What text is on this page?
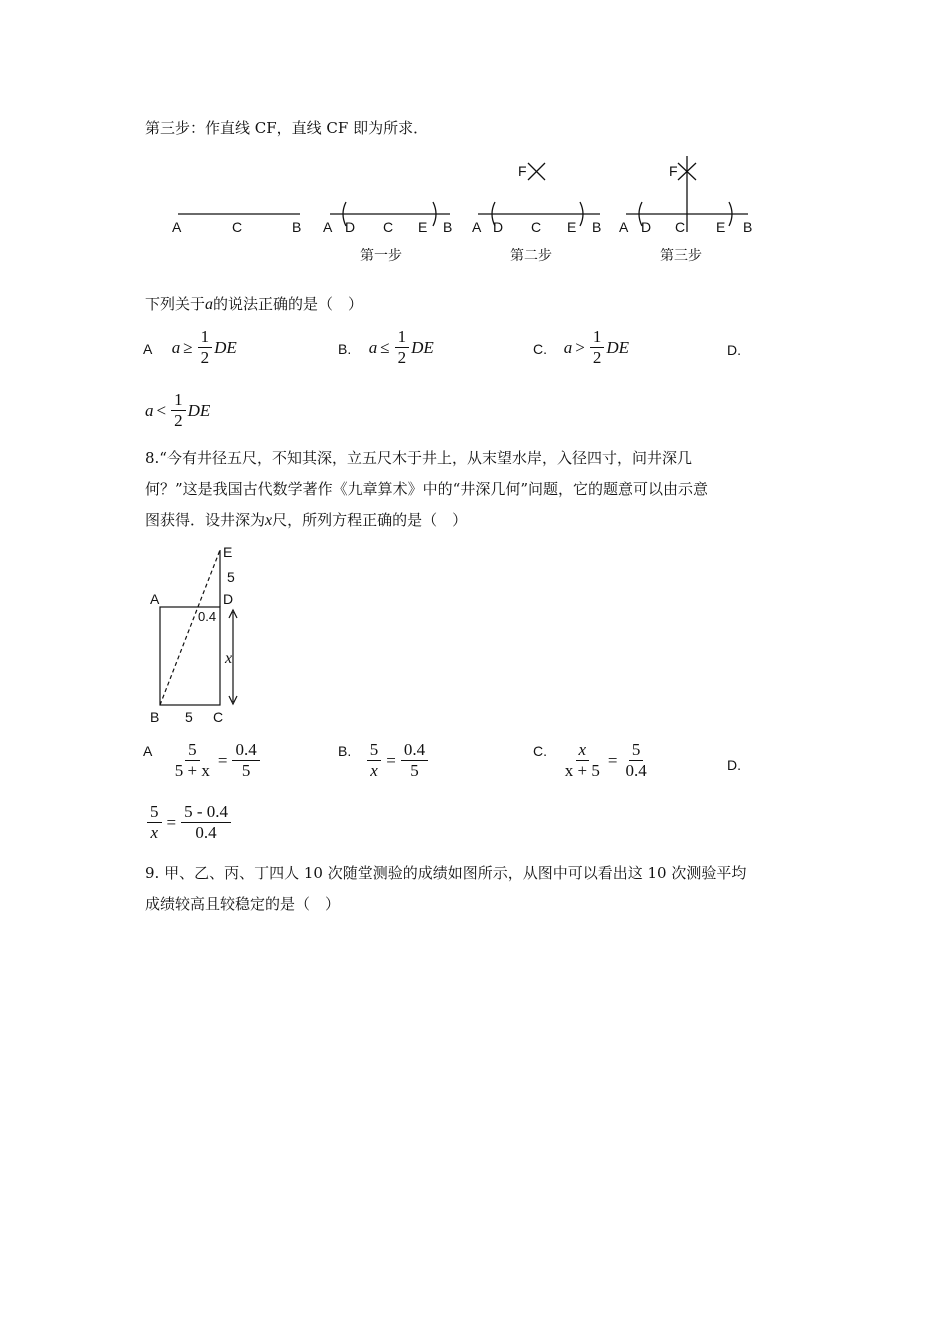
第三步：作直线 CF，直线 CF 即为所求．
A	C	B A D C E B A D C E B
F
A D C E B
F
第一步	第二步	第三步
下列关于a的说法正确的是（　）
A $a \ge \frac{1}{2}$ DE	B. $a \le \frac{1}{2}$ DE	C. $a > \frac{1}{2}$ DE	D.
$a < \frac{1}{2}$ DE
8.“今有井径五尺，不知其深，立五尺木于井上，从末望水岸，入径四寸，问井深几
何？”这是我国古代数学著作《九章算术》中的“井深几何”问题，它的题意可以由示意
图获得．设井深为x尺，所列方程正确的是（　）
E
5
A	D
0.4
x
B 5 C
A $\frac{5}{5 + x} = \frac{0.4}{5}$	B. $\frac{5}{x} = \frac{0.4}{5}$	C. $\frac{x}{x + 5} = \frac{5}{0.4}$	D.
$\frac{5}{x} = \frac{5 - 0.4}{0.4}$
9. 甲、乙、丙、丁四人 10 次随堂测验的成绩如图所示，从图中可以看出这 10 次测验平均
成绩较高且较稳定的是（　）
